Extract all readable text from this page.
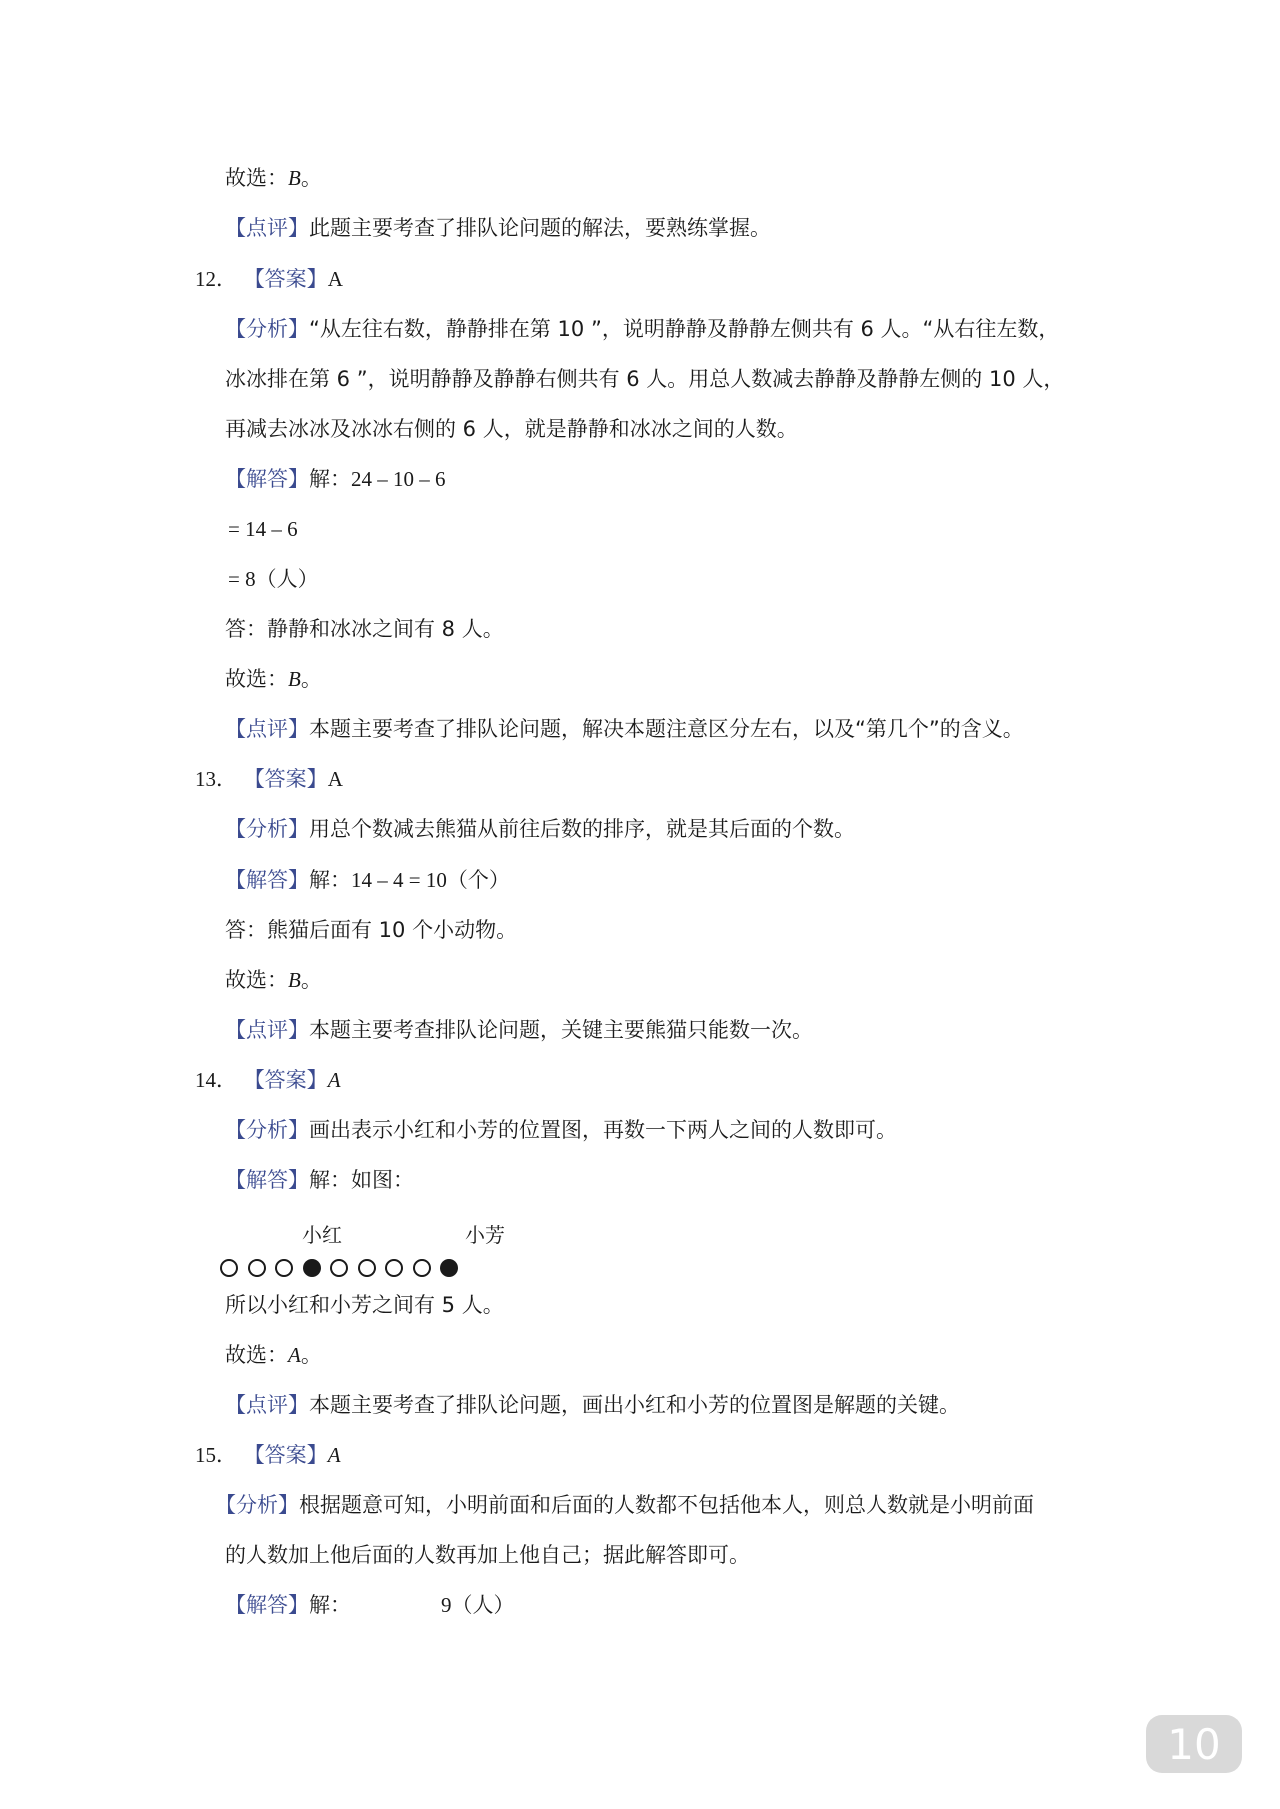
故选：B。

【点评】此题主要考查了排队论问题的解法，要熟练掌握。

12． 【答案】A

【分析】“从左往右数，静静排在第 10 ”，说明静静及静静左侧共有 6 人。“从右往左数，

冰冰排在第 6 ”，说明静静及静静右侧共有 6 人。用总人数减去静静及静静左侧的 10 人，

再减去冰冰及冰冰右侧的 6 人，就是静静和冰冰之间的人数。

【解答】解：24 – 10 – 6

= 14 – 6

= 8（人）

答：静静和冰冰之间有 8 人。

故选：B。

【点评】本题主要考查了排队论问题，解决本题注意区分左右，以及“第几个”的含义。

13． 【答案】A

【分析】用总个数减去熊猫从前往后数的排序，就是其后面的个数。

【解答】解：14 – 4 = 10（个）

答：熊猫后面有 10 个小动物。

故选：B。

【点评】本题主要考查排队论问题，关键主要熊猫只能数一次。

14． 【答案】A

【分析】画出表示小红和小芳的位置图，再数一下两人之间的人数即可。

【解答】解：如图：

小红	小芳

所以小红和小芳之间有 5 人。

故选：A。

【点评】本题主要考查了排队论问题，画出小红和小芳的位置图是解题的关键。

15． 【答案】A

【分析】根据题意可知，小明前面和后面的人数都不包括他本人，则总人数就是小明前面

的人数加上他后面的人数再加上他自己；据此解答即可。

【解答】解：	9（人）

10
